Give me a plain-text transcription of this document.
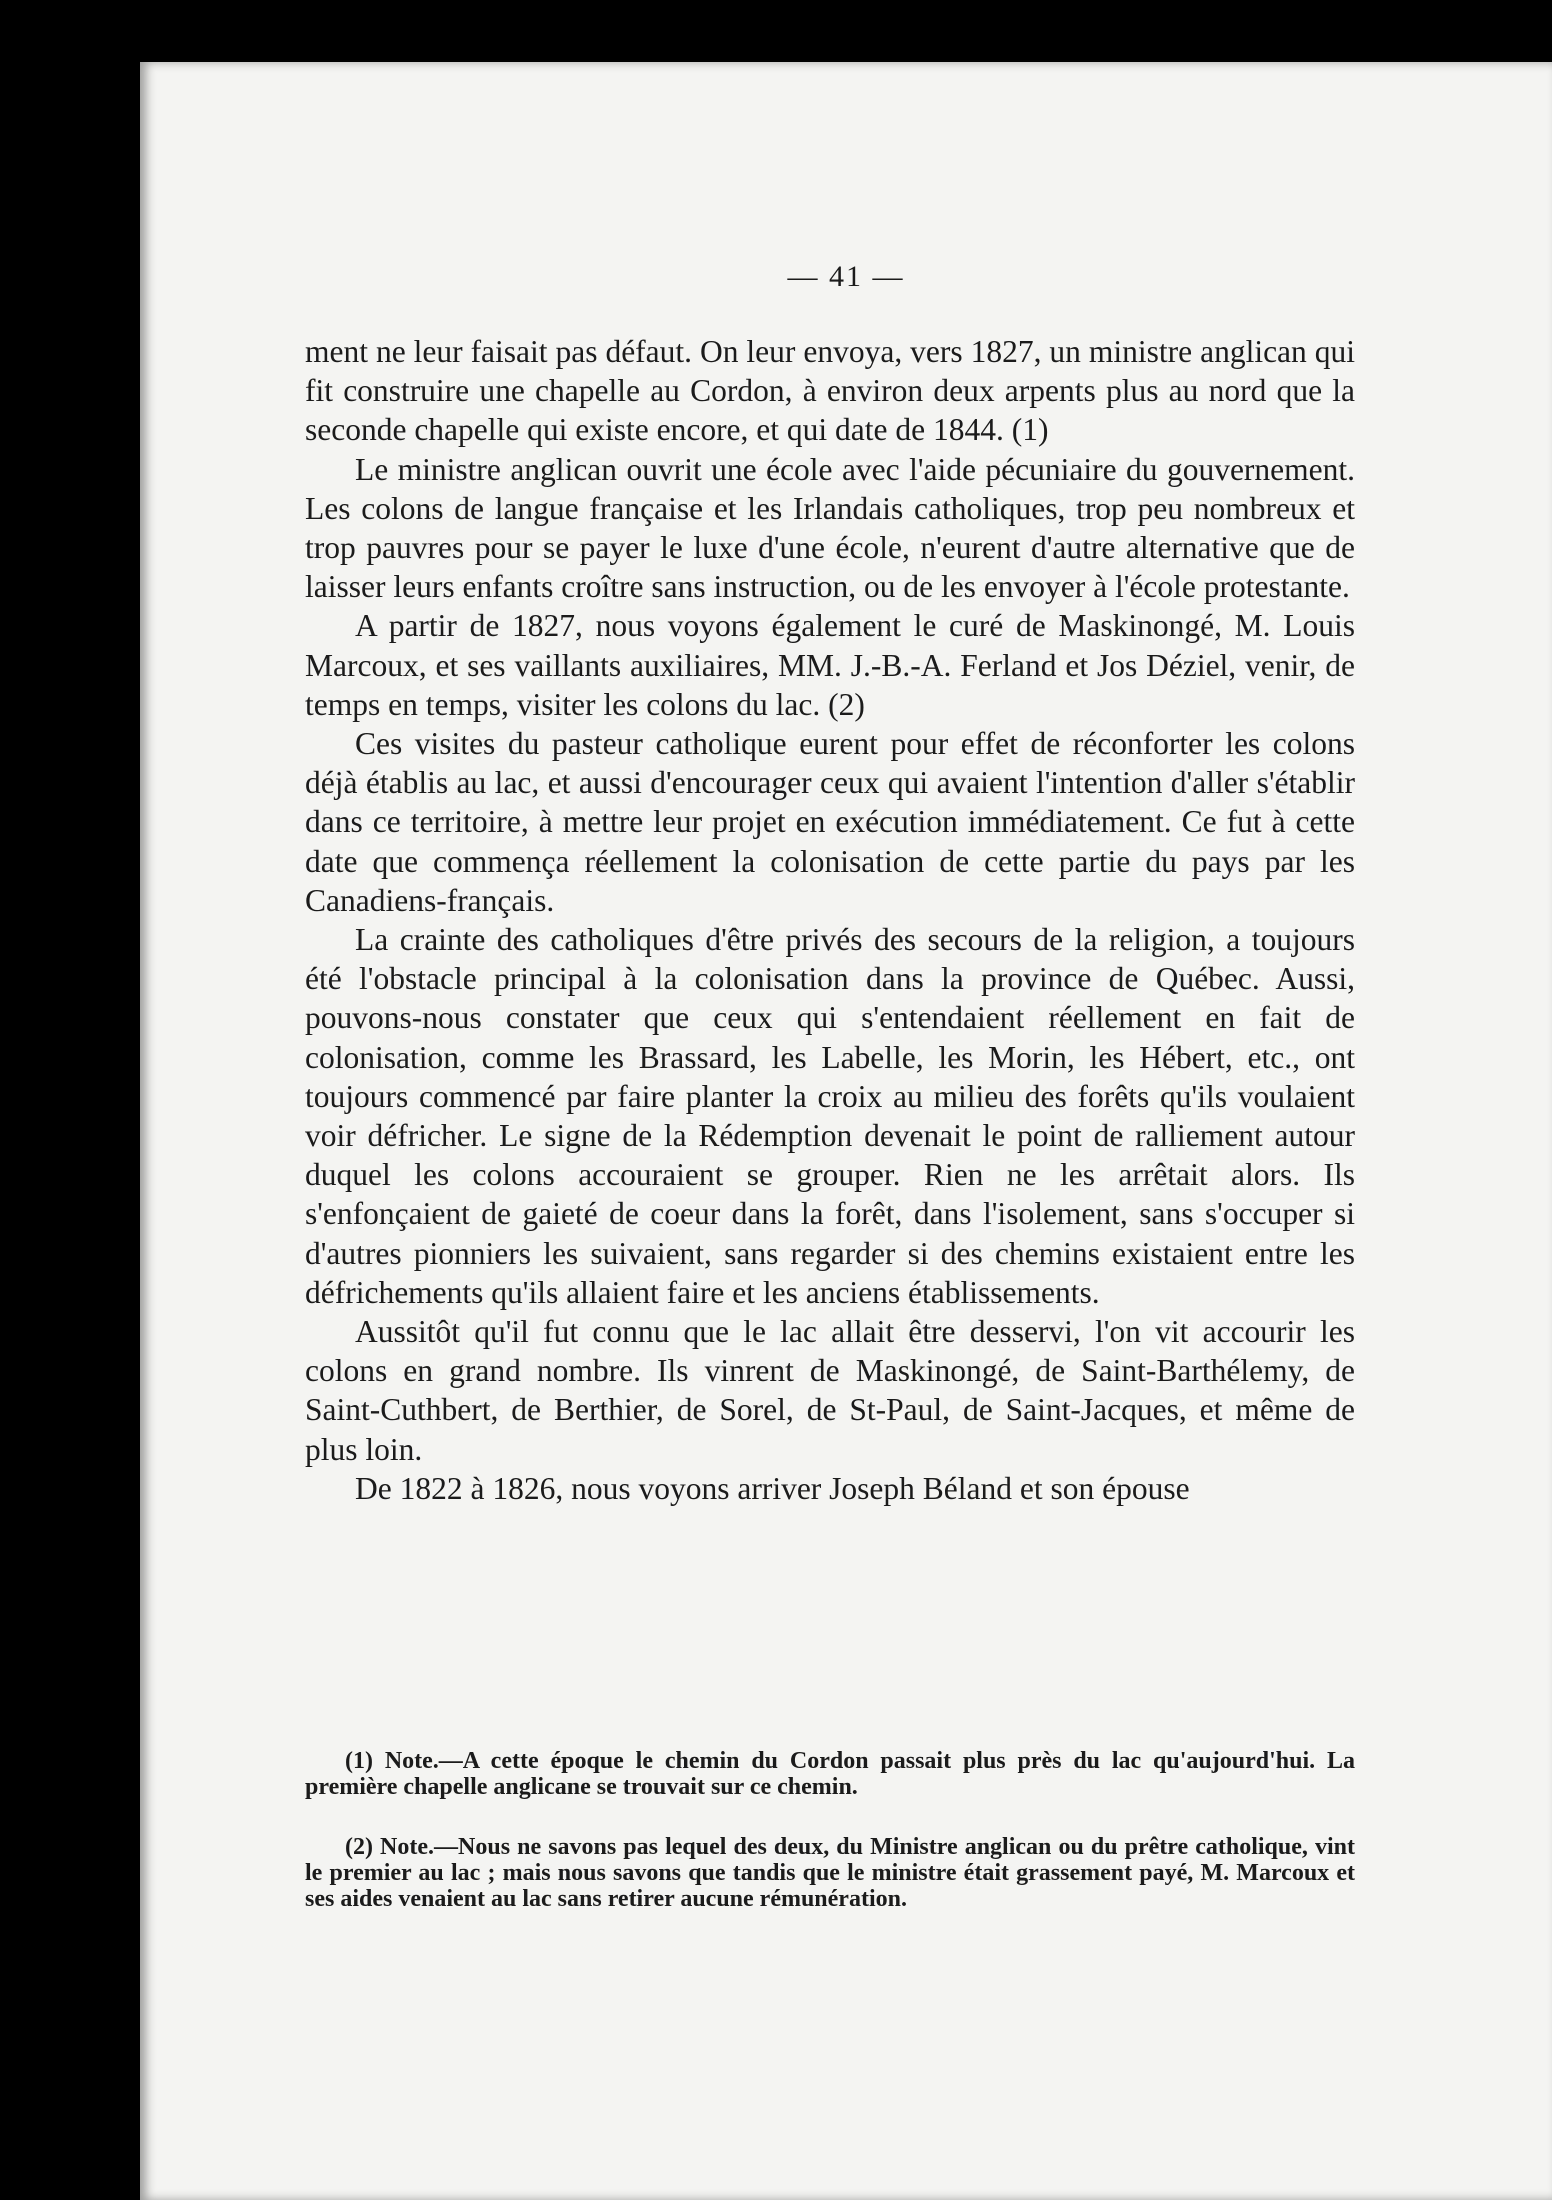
— 41 —

ment ne leur faisait pas défaut. On leur envoya, vers 1827, un ministre anglican qui fit construire une chapelle au Cordon, à environ deux arpents plus au nord que la seconde chapelle qui existe encore, et qui date de 1844. (1)

Le ministre anglican ouvrit une école avec l'aide pécuniaire du gouvernement. Les colons de langue française et les Irlandais catholiques, trop peu nombreux et trop pauvres pour se payer le luxe d'une école, n'eurent d'autre alternative que de laisser leurs enfants croître sans instruction, ou de les envoyer à l'école protestante.

A partir de 1827, nous voyons également le curé de Maskinongé, M. Louis Marcoux, et ses vaillants auxiliaires, MM. J.-B.-A. Ferland et Jos Déziel, venir, de temps en temps, visiter les colons du lac. (2)

Ces visites du pasteur catholique eurent pour effet de réconforter les colons déjà établis au lac, et aussi d'encourager ceux qui avaient l'intention d'aller s'établir dans ce territoire, à mettre leur projet en exécution immédiatement. Ce fut à cette date que commença réellement la colonisation de cette partie du pays par les Canadiens-français.

La crainte des catholiques d'être privés des secours de la religion, a toujours été l'obstacle principal à la colonisation dans la province de Québec. Aussi, pouvons-nous constater que ceux qui s'entendaient réellement en fait de colonisation, comme les Brassard, les Labelle, les Morin, les Hébert, etc., ont toujours commencé par faire planter la croix au milieu des forêts qu'ils voulaient voir défricher. Le signe de la Rédemption devenait le point de ralliement autour duquel les colons accouraient se grouper. Rien ne les arrêtait alors. Ils s'enfonçaient de gaieté de coeur dans la forêt, dans l'isolement, sans s'occuper si d'autres pionniers les suivaient, sans regarder si des chemins existaient entre les défrichements qu'ils allaient faire et les anciens établissements.

Aussitôt qu'il fut connu que le lac allait être desservi, l'on vit accourir les colons en grand nombre. Ils vinrent de Maskinongé, de Saint-Barthélemy, de Saint-Cuthbert, de Berthier, de Sorel, de St-Paul, de Saint-Jacques, et même de plus loin.

De 1822 à 1826, nous voyons arriver Joseph Béland et son épouse

(1) Note.—A cette époque le chemin du Cordon passait plus près du lac qu'aujourd'hui. La première chapelle anglicane se trouvait sur ce chemin.

(2) Note.—Nous ne savons pas lequel des deux, du Ministre anglican ou du prêtre catholique, vint le premier au lac ; mais nous savons que tandis que le ministre était grassement payé, M. Marcoux et ses aides venaient au lac sans retirer aucune rémunération.
